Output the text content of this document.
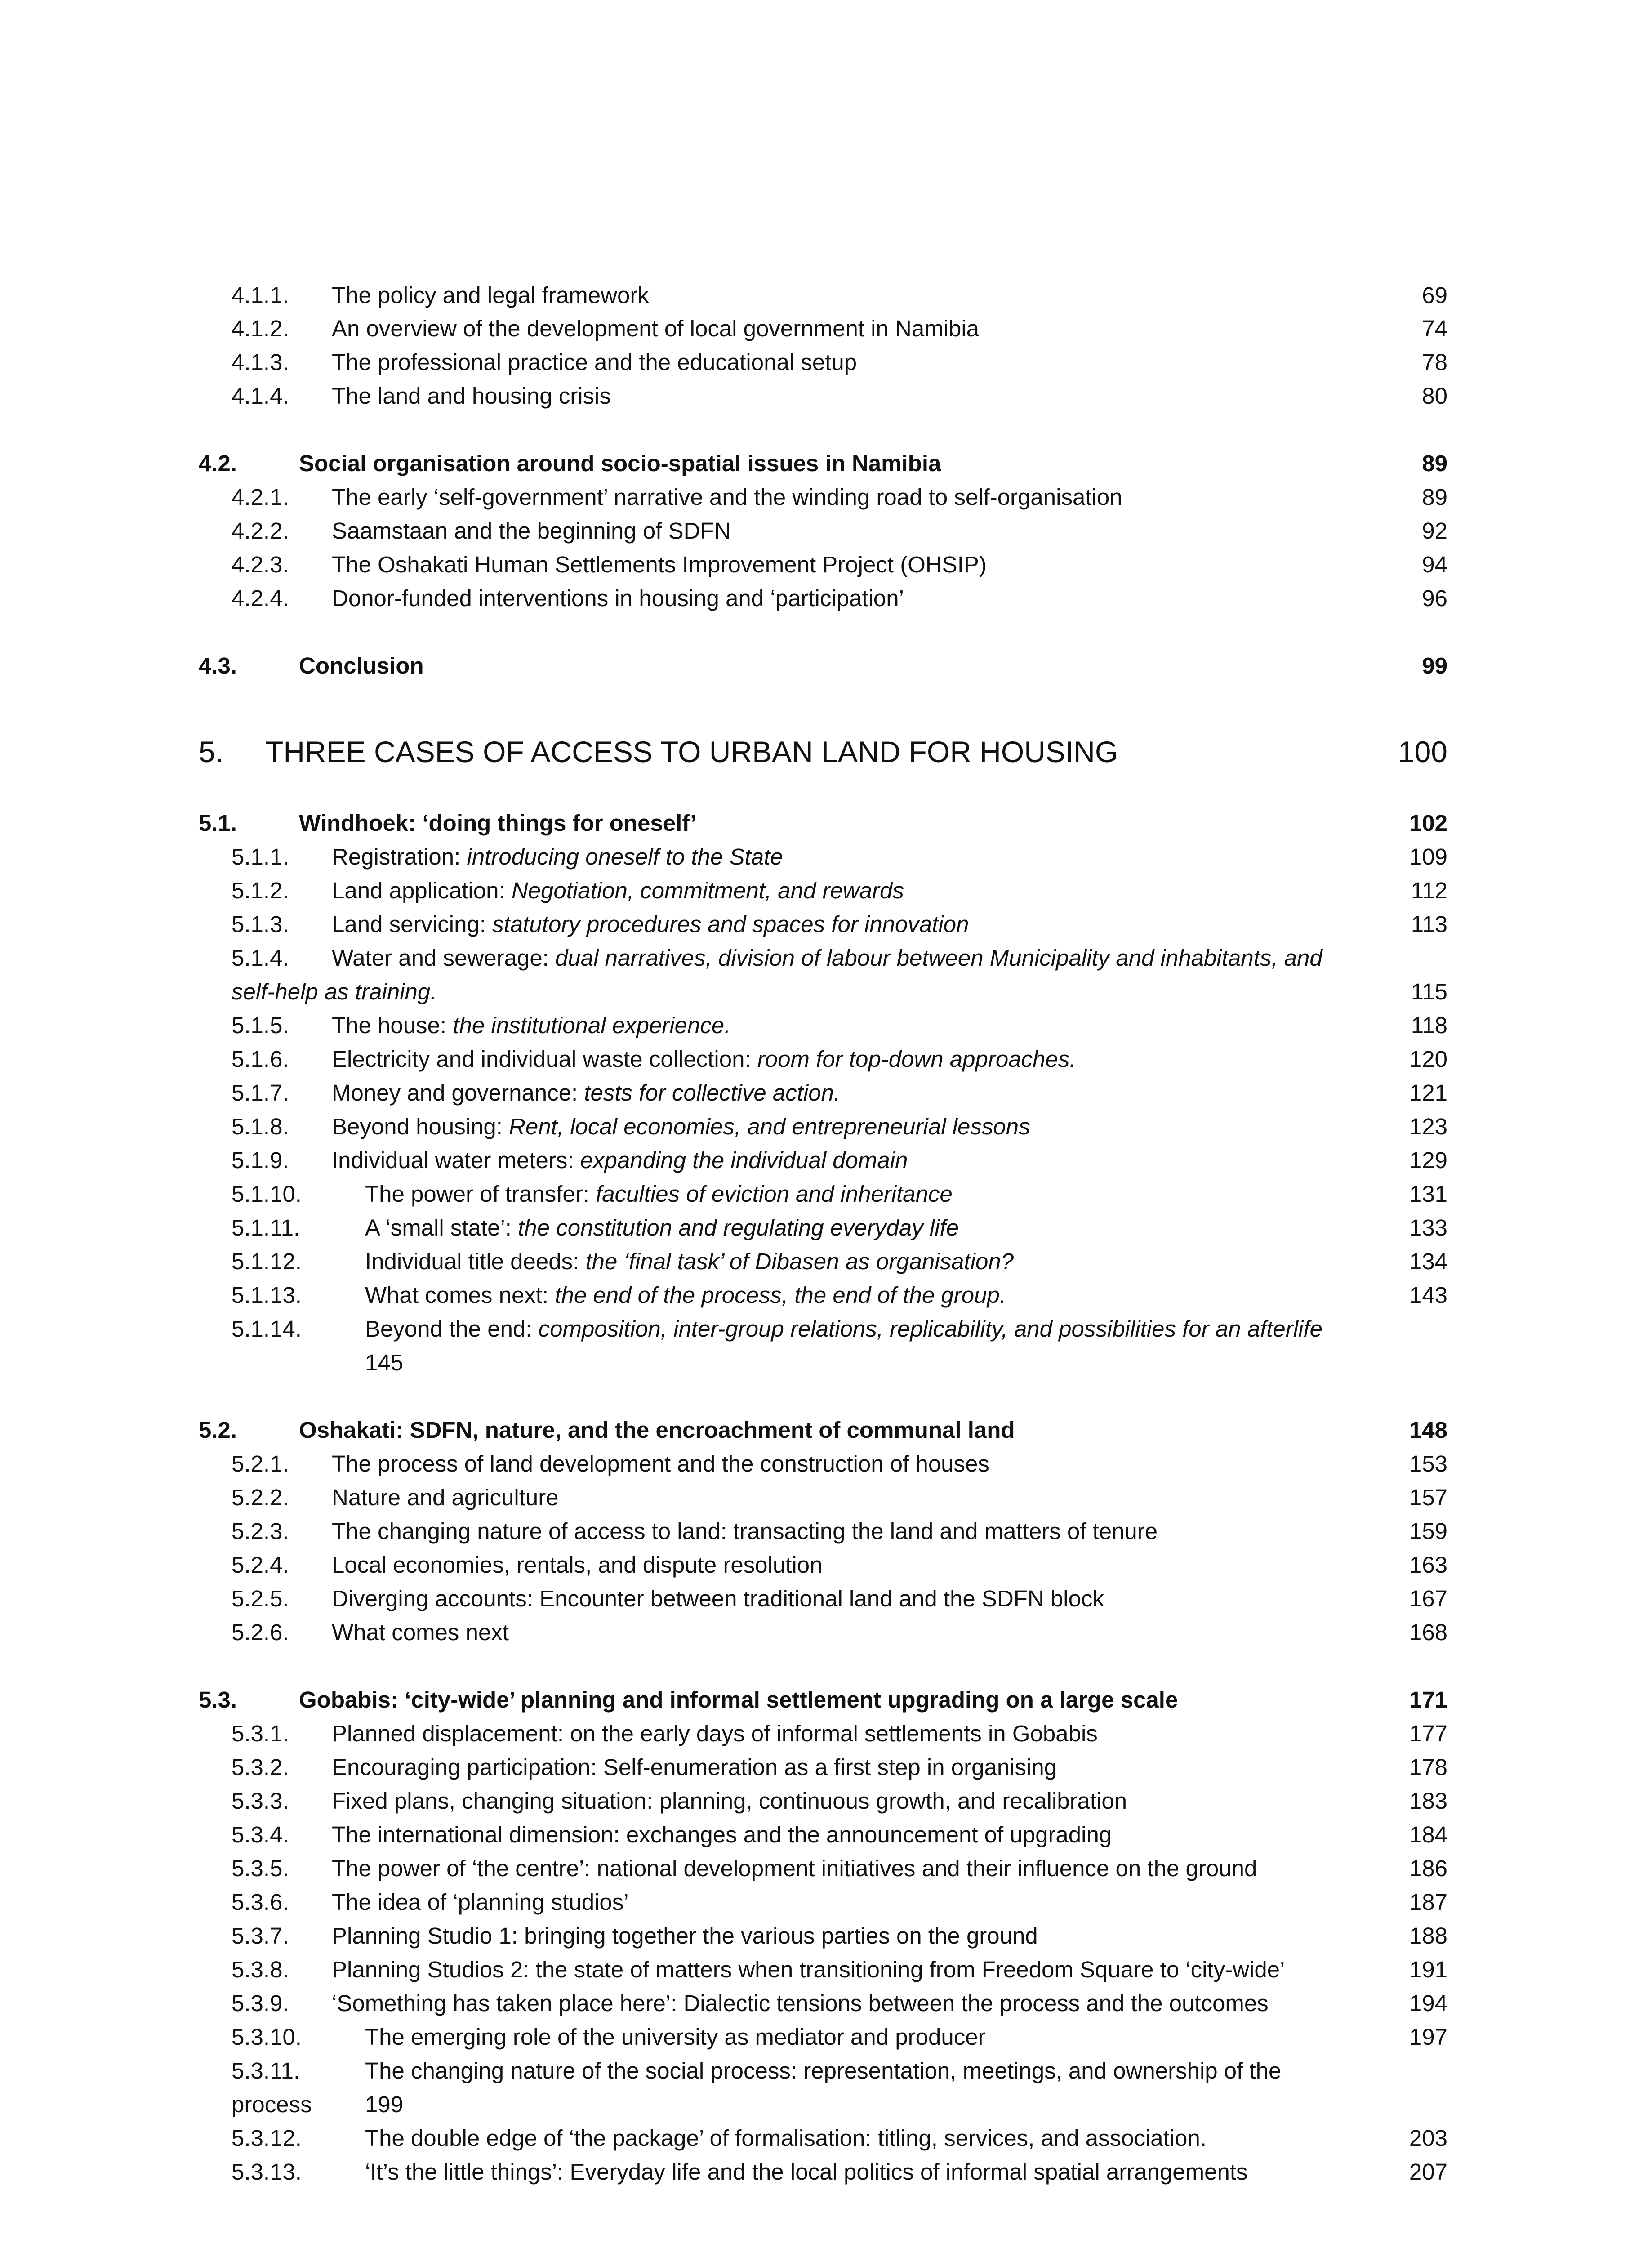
4.1.1. The policy and legal framework	69
4.1.2. An overview of the development of local government in Namibia	74
4.1.3. The professional practice and the educational setup	78
4.1.4. The land and housing crisis	80
4.2.	Social organisation around socio-spatial issues in Namibia	89
4.2.1. The early ‘self-government’ narrative and the winding road to self-organisation	89
4.2.2. Saamstaan and the beginning of SDFN	92
4.2.3. The Oshakati Human Settlements Improvement Project (OHSIP)	94
4.2.4. Donor-funded interventions in housing and ‘participation’	96
4.3.	Conclusion	99
5. THREE CASES OF ACCESS TO URBAN LAND FOR HOUSING	100
5.1.	Windhoek: ‘doing things for oneself’	102
5.1.1. Registration: introducing oneself to the State	109
5.1.2. Land application: Negotiation, commitment, and rewards	112
5.1.3. Land servicing: statutory procedures and spaces for innovation	113
5.1.4. Water and sewerage: dual narratives, division of labour between Municipality and inhabitants, and
self-help as training.	115
5.1.5. The house: the institutional experience.	118
5.1.6. Electricity and individual waste collection: room for top-down approaches.	120
5.1.7. Money and governance: tests for collective action.	121
5.1.8. Beyond housing: Rent, local economies, and entrepreneurial lessons	123
5.1.9. Individual water meters: expanding the individual domain	129
5.1.10.	The power of transfer: faculties of eviction and inheritance	131
5.1.11.	A ‘small state’: the constitution and regulating everyday life	133
5.1.12.	Individual title deeds: the ‘final task’ of Dibasen as organisation?	134
5.1.13.	What comes next: the end of the process, the end of the group.	143
5.1.14.	Beyond the end: composition, inter-group relations, replicability, and possibilities for an afterlife
145
5.2.	Oshakati: SDFN, nature, and the encroachment of communal land	148
5.2.1. The process of land development and the construction of houses	153
5.2.2. Nature and agriculture	157
5.2.3. The changing nature of access to land: transacting the land and matters of tenure	159
5.2.4. Local economies, rentals, and dispute resolution	163
5.2.5. Diverging accounts: Encounter between traditional land and the SDFN block	167
5.2.6. What comes next	168
5.3.	Gobabis: ‘city-wide’ planning and informal settlement upgrading on a large scale	171
5.3.1. Planned displacement: on the early days of informal settlements in Gobabis	177
5.3.2. Encouraging participation: Self-enumeration as a first step in organising	178
5.3.3. Fixed plans, changing situation: planning, continuous growth, and recalibration	183
5.3.4. The international dimension: exchanges and the announcement of upgrading	184
5.3.5. The power of ‘the centre’: national development initiatives and their influence on the ground	186
5.3.6. The idea of ‘planning studios’	187
5.3.7. Planning Studio 1: bringing together the various parties on the ground	188
5.3.8. Planning Studios 2: the state of matters when transitioning from Freedom Square to ‘city-wide’	191
5.3.9. ‘Something has taken place here’: Dialectic tensions between the process and the outcomes	194
5.3.10.	The emerging role of the university as mediator and producer	197
5.3.11.	The changing nature of the social process: representation, meetings, and ownership of the
process 199
5.3.12.	The double edge of ‘the package’ of formalisation: titling, services, and association.	203
5.3.13.	‘It’s the little things’: Everyday life and the local politics of informal spatial arrangements	207
